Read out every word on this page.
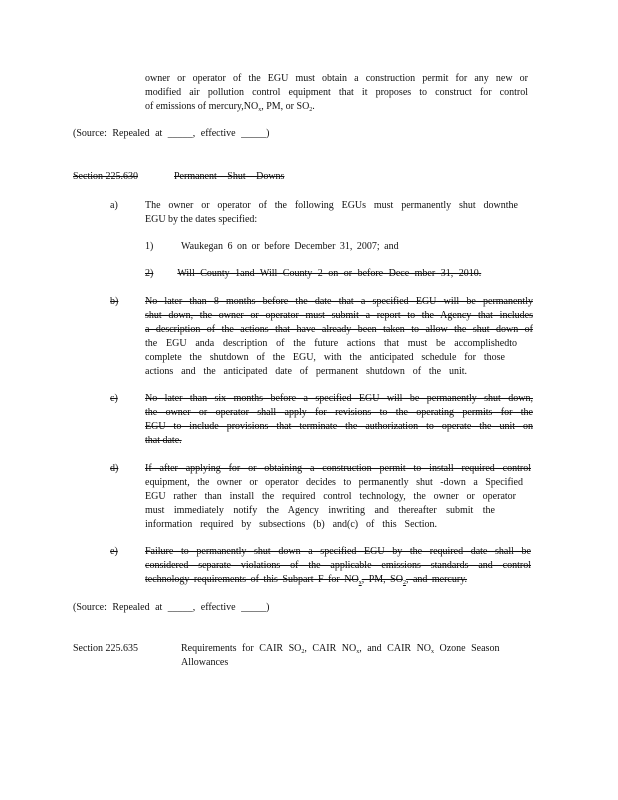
owner or operator of the EGU must obtain a construction permit for any new or
modified air pollution control equipment that it proposes to construct for control
of emissions of $mercury,NO_x$, PM, or $SO_2$.
(Source: Repealed at _____, effective _____)
Section 225.630	Permanent Shut Downs
a)	The owner or operator of the following EGUs must permanently shut downthe
EGU by the dates specified:
1)	Waukegan 6 on or before December 31, 2007; and
2) Will County 1and Will County 2 on or before Dece mber 31, 2010.
b)	No later than 8 months before the date that a specified EGU will be permanently
shut down, the owner or operator must submit a report to the Agency that includes
a description of the actions that have already been taken to allow the shut down of
the EGU anda description of the future actions that must be accomplishedto
complete the shutdown of the EGU, with the anticipated schedule for those
actions and the anticipated date of permanent shutdown of the unit.
c)	No later than six months before a specified EGU will be permanently shut down,
the owner or operator shall apply for revisions to the operating permits for the
EGU to include provisions that terminate the authorization to operate the unit on
that date.
d)	If after applying for or obtaining a construction permit to install required control
equipment, the owner or operator decides to permanently shut -down a Specified
EGU rather than install the required control technology, the owner or operator
must immediately notify the Agency inwriting and thereafter submit the
information required by subsections (b) and(c) of this Section.
e)	Failure to permanently shut down a specified EGU by the required date shall be
considered separate violations of the applicable emissions standards and control
technology requirements of this Subpart F for $NO_x$, PM, $SO_2$, and mercury.
(Source: Repealed at _____, effective _____)
Section 225.635	Requirements for CAIR $SO_2$, CAIR $NO_x$, and CAIR $NO_x$ Ozone Season
Allowances
